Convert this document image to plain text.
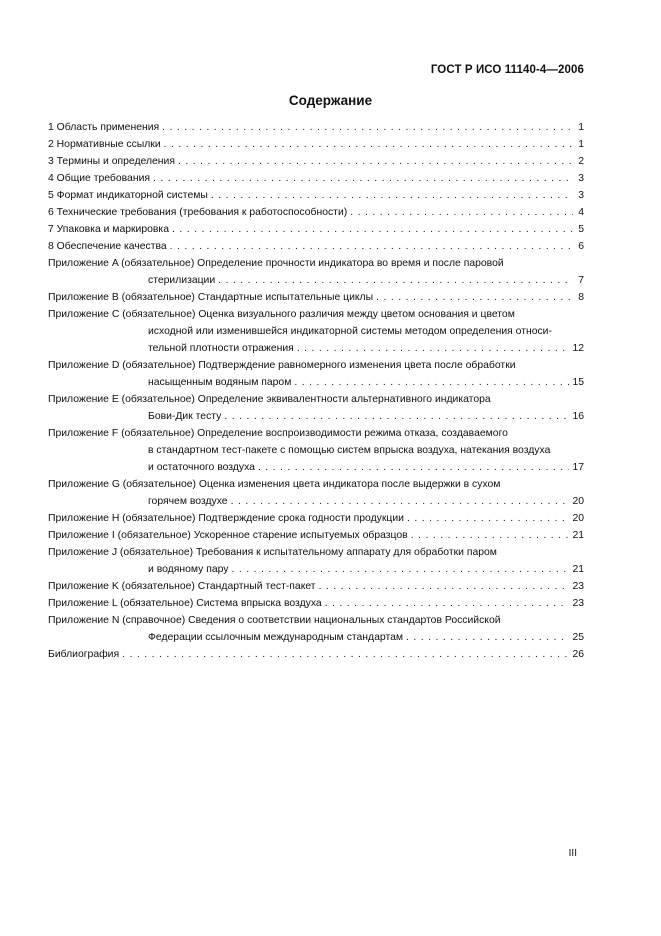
ГОСТ Р ИСО 11140-4—2006
Содержание
1 Область применения . . .	1
2 Нормативные ссылки . . .	1
3 Термины и определения . . .	2
4 Общие требования . . .	3
5 Формат индикаторной системы . . .	3
6 Технические требования (требования к работоспособности) . . .	4
7 Упаковка и маркировка . . .	5
8 Обеспечение качества . . .	6
Приложение A (обязательное) Определение прочности индикатора во время и после паровой
стерилизации . . .	7
Приложение B (обязательное) Стандартные испытательные циклы . . .	8
Приложение C (обязательное) Оценка визуального различия между цветом основания и цветом
исходной или изменившейся индикаторной системы методом определения относи-
тельной плотности отражения . . .	12
Приложение D (обязательное) Подтверждение равномерного изменения цвета после обработки
насыщенным водяным паром . . .	15
Приложение E (обязательное) Определение эквивалентности альтернативного индикатора
Бови-Дик тесту . . .	16
Приложение F (обязательное) Определение воспроизводимости режима отказа, создаваемого
в стандартном тест-пакете с помощью систем впрыска воздуха, натекания воздуха
и остаточного воздуха . . .	17
Приложение G (обязательное) Оценка изменения цвета индикатора после выдержки в сухом
горячем воздухе . . .	20
Приложение H (обязательное) Подтверждение срока годности продукции . . .	20
Приложение I (обязательное) Ускоренное старение испытуемых образцов . . .	21
Приложение J (обязательное) Требования к испытательному аппарату для обработки паром
и водяному пару . . .	21
Приложение K (обязательное) Стандартный тест-пакет . . .	23
Приложение L (обязательное) Система впрыска воздуха . . .	23
Приложение N (справочное) Сведения о соответствии национальных стандартов Российской
Федерации ссылочным международным стандартам . . .	25
Библиография . . .	26
III
